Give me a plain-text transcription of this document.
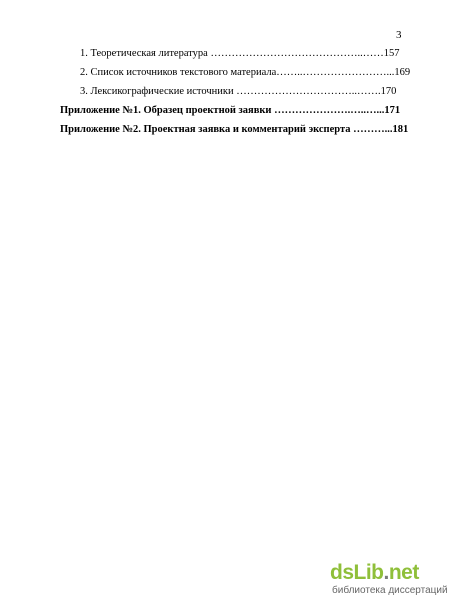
3
1. Теоретическая литература ……………………………………..……157
2. Список источников текстового материала……..……………………...169
3. Лексикографические источники ……………………………..…….170
Приложение №1. Образец проектной заявки ………………….…..…...171
Приложение №2. Проектная заявка и комментарий эксперта ………...181
dsLib.net
библиотека диссертаций
